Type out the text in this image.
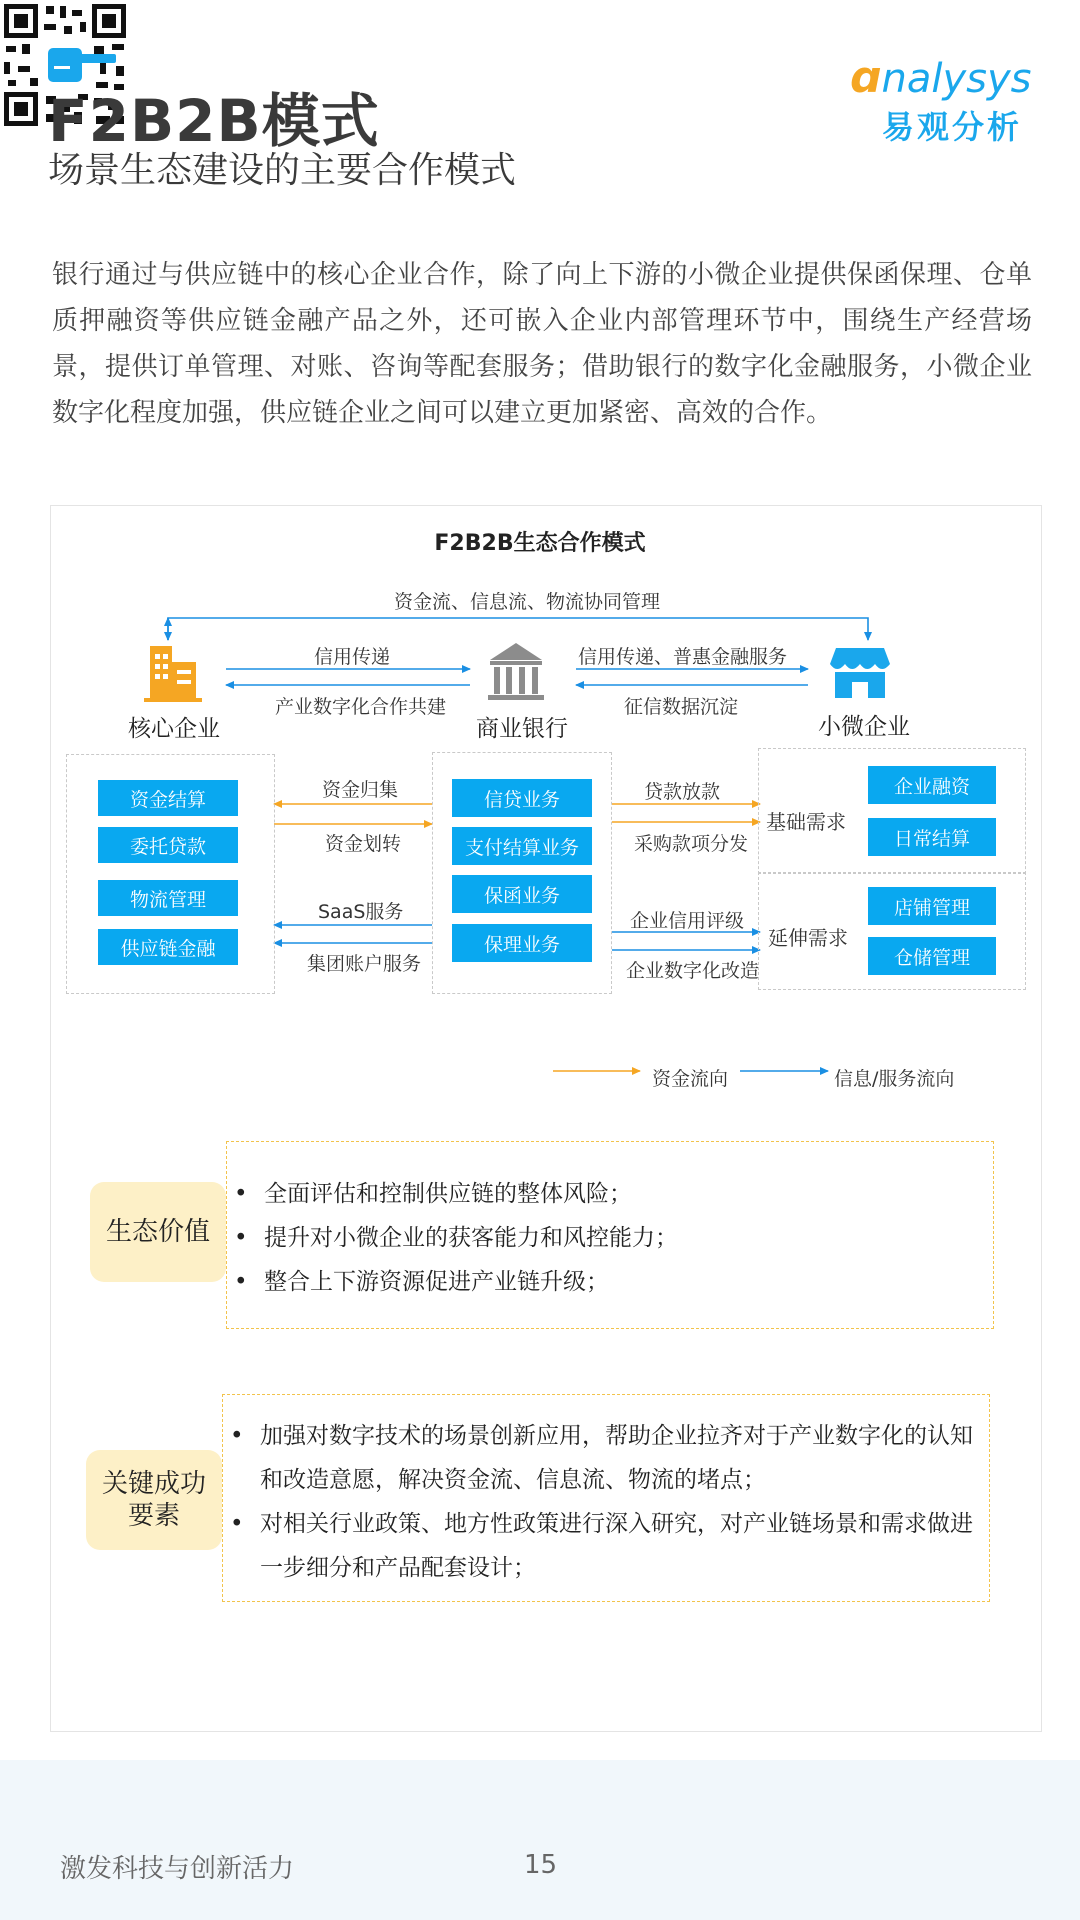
F2B2B模式
场景生态建设的主要合作模式
ɑnalysys
易观分析
银行通过与供应链中的核心企业合作，除了向上下游的小微企业提供保函保理、仓单质押融资等供应链金融产品之外，还可嵌入企业内部管理环节中，围绕生产经营场景，提供订单管理、对账、咨询等配套服务；借助银行的数字化金融服务，小微企业数字化程度加强，供应链企业之间可以建立更加紧密、高效的合作。
F2B2B生态合作模式
资金流、信息流、物流协同管理
信用传递
产业数字化合作共建
信用传递、普惠金融服务
征信数据沉淀
核心企业	商业银行	小微企业
资金结算
委托贷款
物流管理
供应链金融
信贷业务
支付结算业务
保函业务
保理业务
资金归集
资金划转
SaaS服务
集团账户服务
贷款放款
采购款项分发
企业信用评级
企业数字化改造
基础需求
企业融资
日常结算
延伸需求
店铺管理
仓储管理
资金流向	信息/服务流向
生态价值
• 全面评估和控制供应链的整体风险；
• 提升对小微企业的获客能力和风控能力；
• 整合上下游资源促进产业链升级；
关键成功要素
• 加强对数字技术的场景创新应用，帮助企业拉齐对于产业数字化的认知和改造意愿，解决资金流、信息流、物流的堵点；
• 对相关行业政策、地方性政策进行深入研究，对产业链场景和需求做进一步细分和产品配套设计；
激发科技与创新活力	15
